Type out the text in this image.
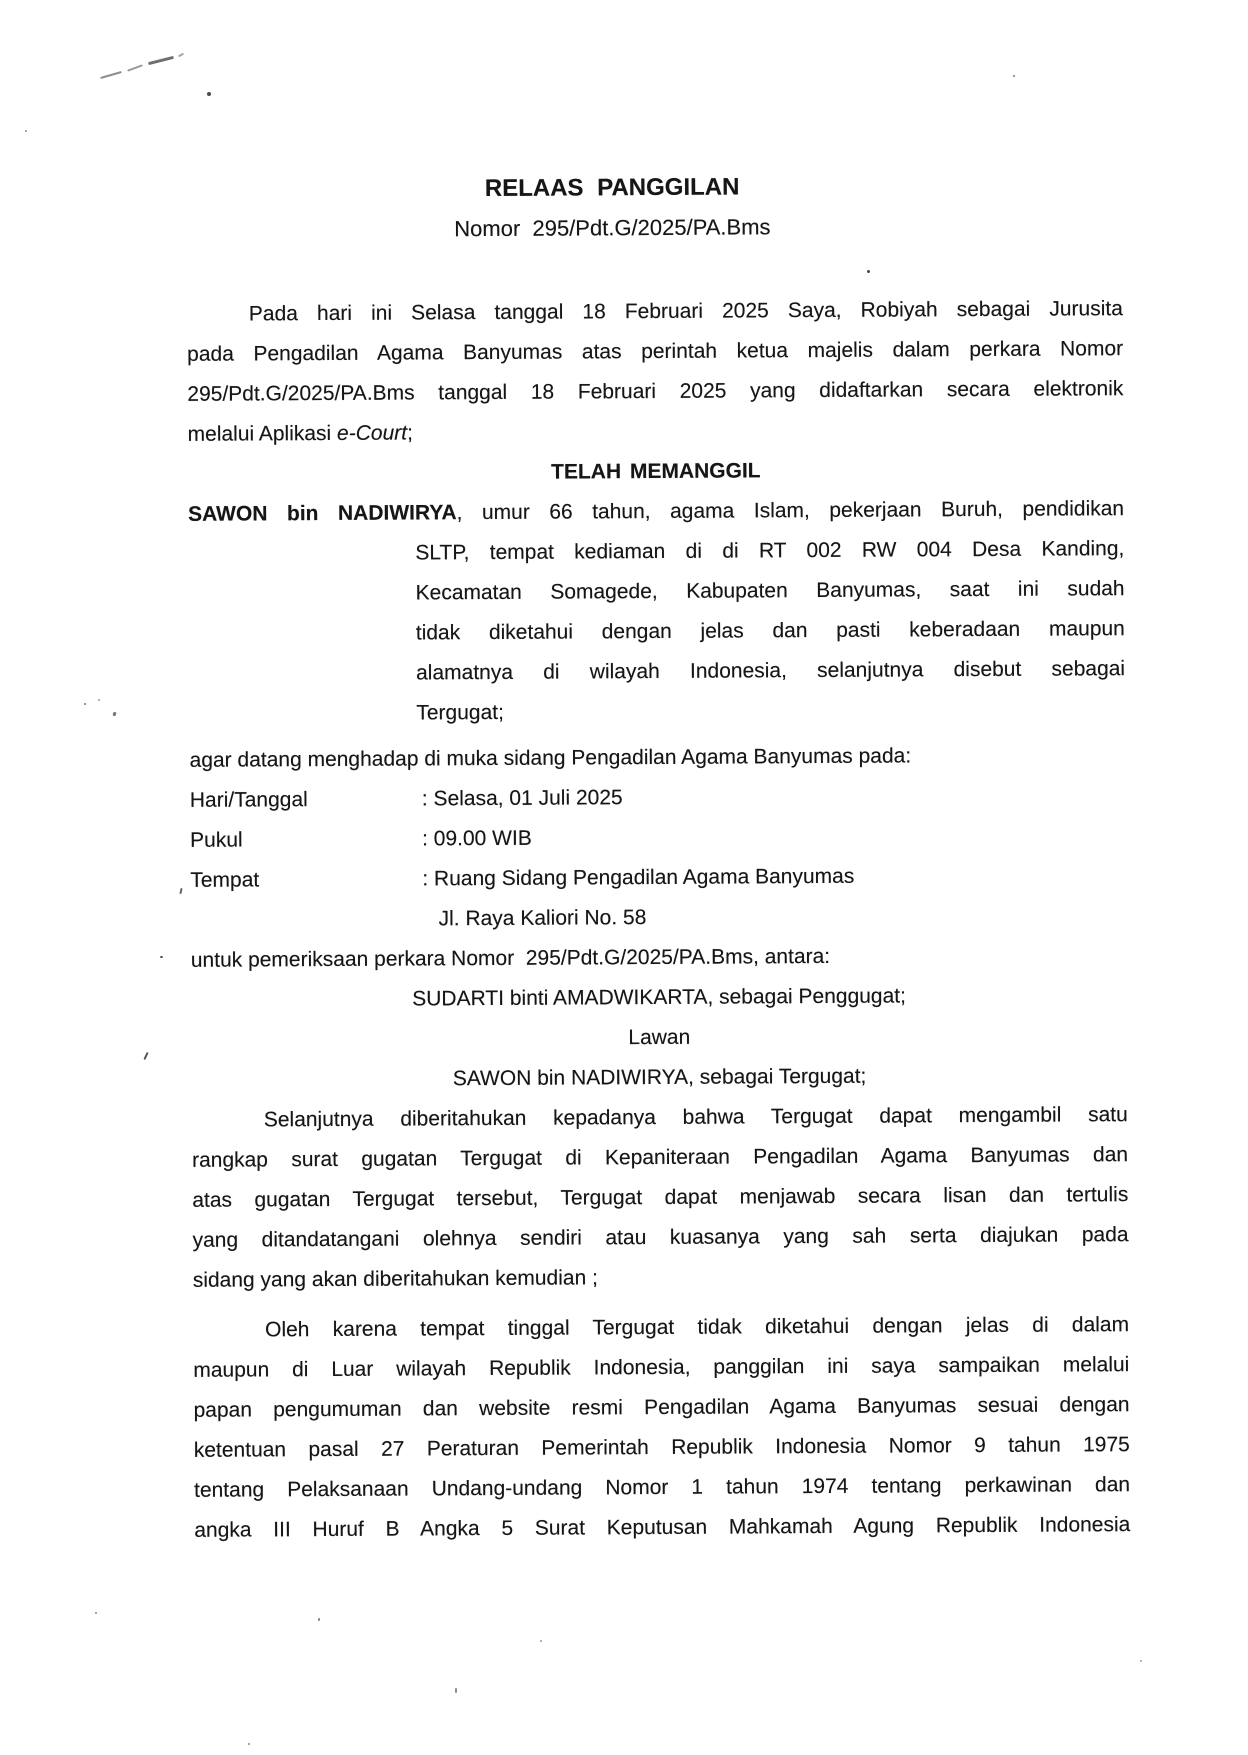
RELAAS PANGGILAN
Nomor  295/Pdt.G/2025/PA.Bms
Pada hari ini Selasa tanggal 18 Februari 2025 Saya, Robiyah sebagai Jurusita
pada Pengadilan Agama Banyumas atas perintah ketua majelis dalam perkara Nomor
295/Pdt.G/2025/PA.Bms tanggal 18 Februari 2025 yang didaftarkan secara elektronik
melalui Aplikasi e-Court;
TELAH MEMANGGIL
SAWON bin NADIWIRYA, umur 66 tahun, agama Islam, pekerjaan Buruh, pendidikan
SLTP, tempat kediaman di di RT 002 RW 004 Desa Kanding,
Kecamatan Somagede, Kabupaten Banyumas, saat ini sudah
tidak diketahui dengan jelas dan pasti keberadaan maupun
alamatnya di wilayah Indonesia, selanjutnya disebut sebagai
Tergugat;
agar datang menghadap di muka sidang Pengadilan Agama Banyumas pada:
Hari/Tanggal	: Selasa, 01 Juli 2025
Pukul	: 09.00 WIB
Tempat	: Ruang Sidang Pengadilan Agama Banyumas
Jl. Raya Kaliori No. 58
untuk pemeriksaan perkara Nomor  295/Pdt.G/2025/PA.Bms, antara:
SUDARTI binti AMADWIKARTA, sebagai Penggugat;
Lawan
SAWON bin NADIWIRYA, sebagai Tergugat;
Selanjutnya diberitahukan kepadanya bahwa Tergugat dapat mengambil satu
rangkap surat gugatan Tergugat di Kepaniteraan Pengadilan Agama Banyumas dan
atas gugatan Tergugat tersebut, Tergugat dapat menjawab secara lisan dan tertulis
yang ditandatangani olehnya sendiri atau kuasanya yang sah serta diajukan pada
sidang yang akan diberitahukan kemudian ;
Oleh karena tempat tinggal Tergugat tidak diketahui dengan jelas di dalam
maupun di Luar wilayah Republik Indonesia, panggilan ini saya sampaikan melalui
papan pengumuman dan website resmi Pengadilan Agama Banyumas sesuai dengan
ketentuan pasal 27 Peraturan Pemerintah Republik Indonesia Nomor 9 tahun 1975
tentang Pelaksanaan Undang-undang Nomor 1 tahun 1974 tentang perkawinan dan
angka III Huruf B Angka 5 Surat Keputusan Mahkamah Agung Republik Indonesia
